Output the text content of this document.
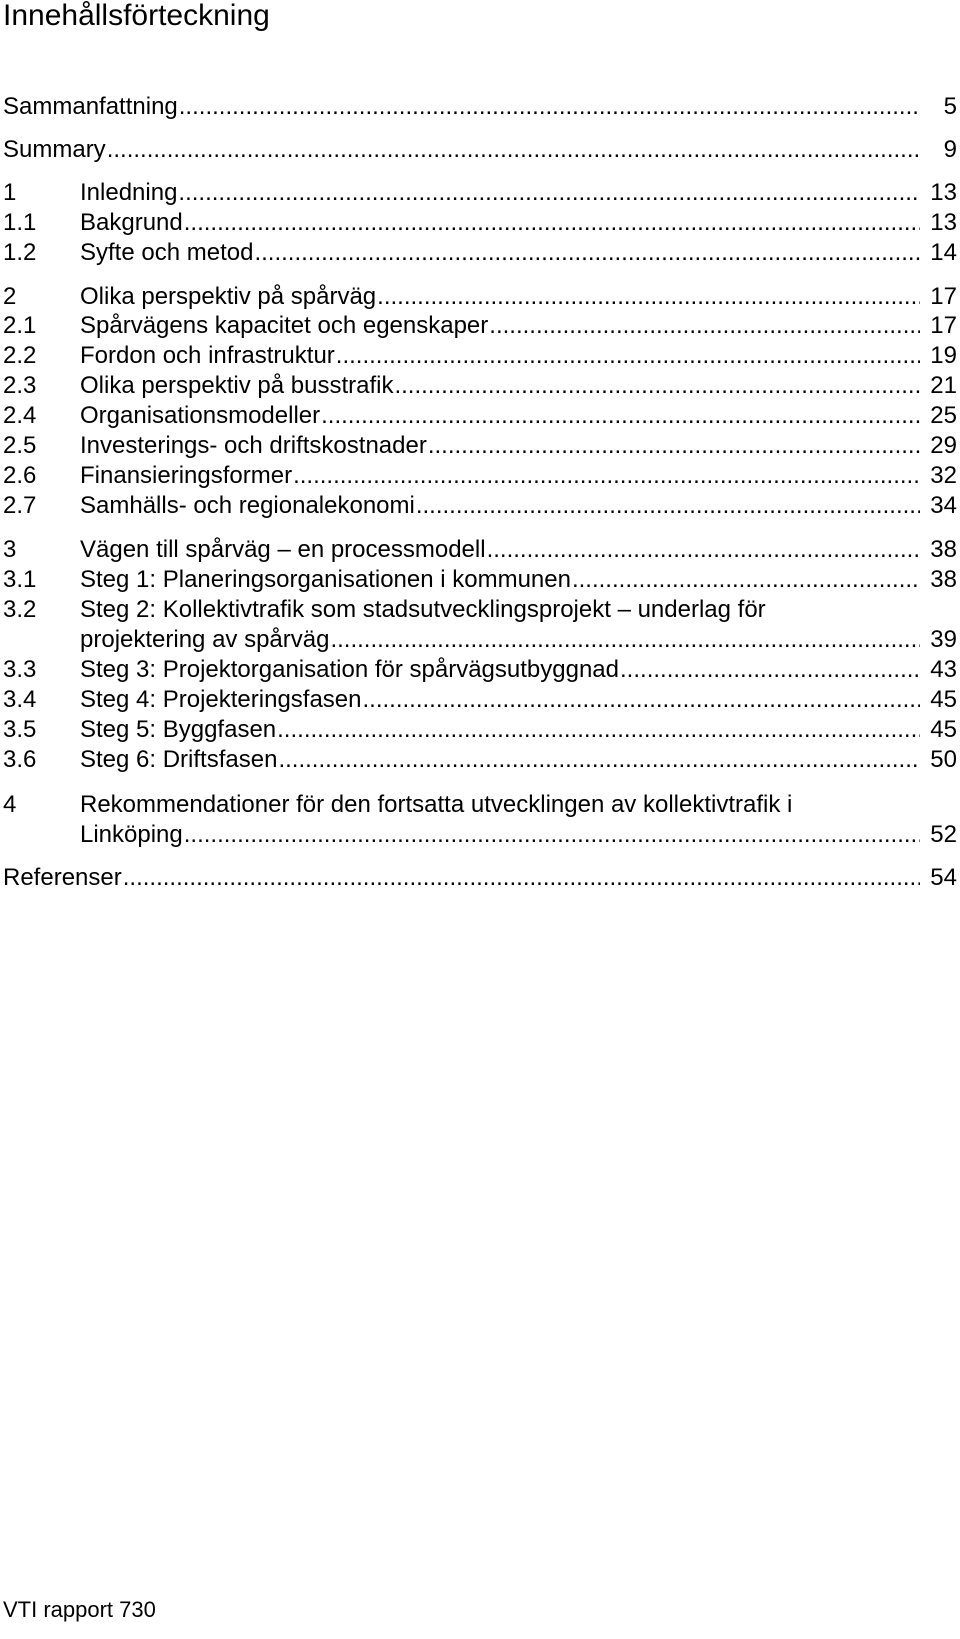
Innehållsförteckning
Sammanfattning .....	5
Summary .....	9
1	Inledning .....	13
1.1 Bakgrund .....	13
1.2 Syfte och metod .....	14
2	Olika perspektiv på spårväg .....	17
2.1 Spårvägens kapacitet och egenskaper .....	17
2.2 Fordon och infrastruktur .....	19
2.3 Olika perspektiv på busstrafik .....	21
2.4 Organisationsmodeller .....	25
2.5 Investerings- och driftskostnader .....	29
2.6 Finansieringsformer .....	32
2.7 Samhälls- och regionalekonomi .....	34
3	Vägen till spårväg – en processmodell .....	38
3.1 Steg 1: Planeringsorganisationen i kommunen .....	38
3.2 Steg 2: Kollektivtrafik som stadsutvecklingsprojekt – underlag för
projektering av spårväg .....	39
3.3 Steg 3: Projektorganisation för spårvägsutbyggnad .....	43
3.4 Steg 4: Projekteringsfasen .....	45
3.5 Steg 5: Byggfasen .....	45
3.6 Steg 6: Driftsfasen .....	50
4	Rekommendationer för den fortsatta utvecklingen av kollektivtrafik i
Linköping .....	52
Referenser .....	54
VTI rapport 730
